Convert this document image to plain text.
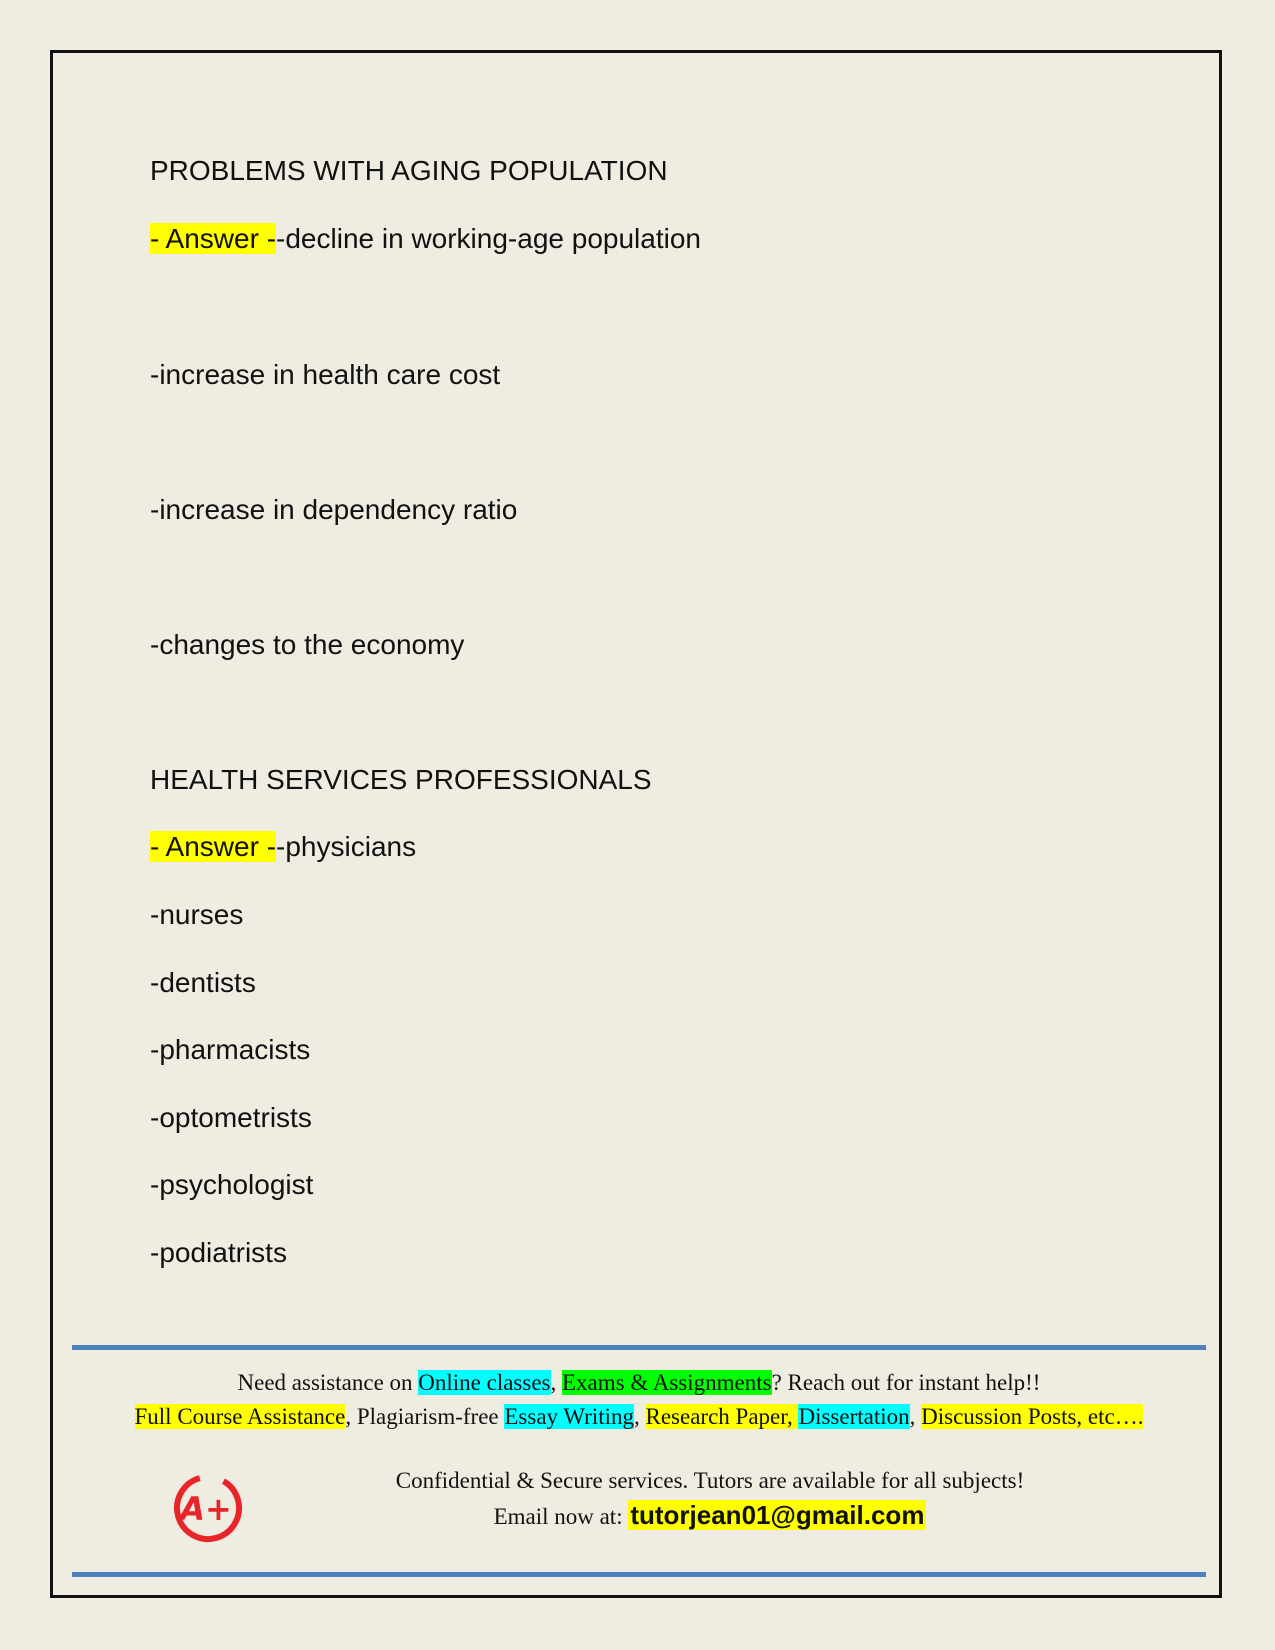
PROBLEMS WITH AGING POPULATION
- Answer --decline in working-age population
-increase in health care cost
-increase in dependency ratio
-changes to the economy
HEALTH SERVICES PROFESSIONALS
- Answer --physicians
-nurses
-dentists
-pharmacists
-optometrists
-psychologist
-podiatrists
Need assistance on Online classes, Exams & Assignments? Reach out for instant help!!
Full Course Assistance, Plagiarism-free Essay Writing, Research Paper, Dissertation, Discussion Posts, etc….
A+
Confidential & Secure services. Tutors are available for all subjects!
Email now at: tutorjean01@gmail.com
